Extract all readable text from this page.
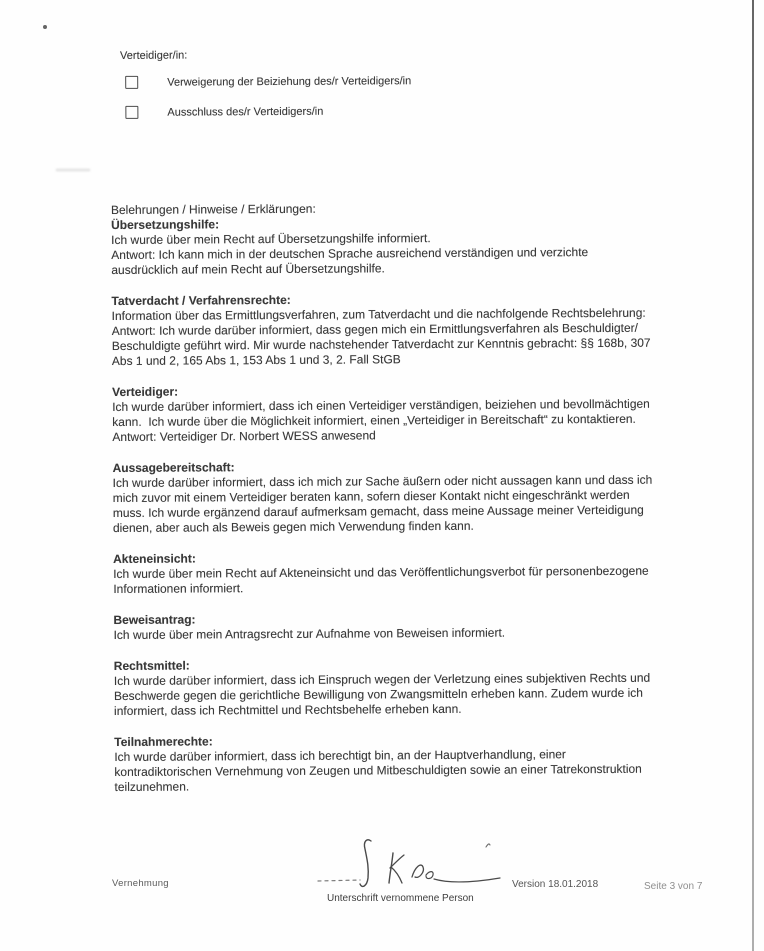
Verteidiger/in:
Verweigerung der Beiziehung des/r Verteidigers/in
Ausschluss des/r Verteidigers/in
Belehrungen / Hinweise / Erklärungen:
Übersetzungshilfe:
Ich wurde über mein Recht auf Übersetzungshilfe informiert.
Antwort: Ich kann mich in der deutschen Sprache ausreichend verständigen und verzichte
ausdrücklich auf mein Recht auf Übersetzungshilfe.
Tatverdacht / Verfahrensrechte:
Information über das Ermittlungsverfahren, zum Tatverdacht und die nachfolgende Rechtsbelehrung:
Antwort: Ich wurde darüber informiert, dass gegen mich ein Ermittlungsverfahren als Beschuldigter/
Beschuldigte geführt wird. Mir wurde nachstehender Tatverdacht zur Kenntnis gebracht: §§ 168b, 307
Abs 1 und 2, 165 Abs 1, 153 Abs 1 und 3, 2. Fall StGB
Verteidiger:
Ich wurde darüber informiert, dass ich einen Verteidiger verständigen, beiziehen und bevollmächtigen
kann.  Ich wurde über die Möglichkeit informiert, einen „Verteidiger in Bereitschaft“ zu kontaktieren.
Antwort: Verteidiger Dr. Norbert WESS anwesend
Aussagebereitschaft:
Ich wurde darüber informiert, dass ich mich zur Sache äußern oder nicht aussagen kann und dass ich
mich zuvor mit einem Verteidiger beraten kann, sofern dieser Kontakt nicht eingeschränkt werden
muss. Ich wurde ergänzend darauf aufmerksam gemacht, dass meine Aussage meiner Verteidigung
dienen, aber auch als Beweis gegen mich Verwendung finden kann.
Akteneinsicht:
Ich wurde über mein Recht auf Akteneinsicht und das Veröffentlichungsverbot für personenbezogene
Informationen informiert.
Beweisantrag:
Ich wurde über mein Antragsrecht zur Aufnahme von Beweisen informiert.
Rechtsmittel:
Ich wurde darüber informiert, dass ich Einspruch wegen der Verletzung eines subjektiven Rechts und
Beschwerde gegen die gerichtliche Bewilligung von Zwangsmitteln erheben kann. Zudem wurde ich
informiert, dass ich Rechtmittel und Rechtsbehelfe erheben kann.
Teilnahmerechte:
Ich wurde darüber informiert, dass ich berechtigt bin, an der Hauptverhandlung, einer
kontradiktorischen Vernehmung von Zeugen und Mitbeschuldigten sowie an einer Tatrekonstruktion
teilzunehmen.
Vernehmung
Unterschrift vernommene Person
Version 18.01.2018	Seite 3 von 7
